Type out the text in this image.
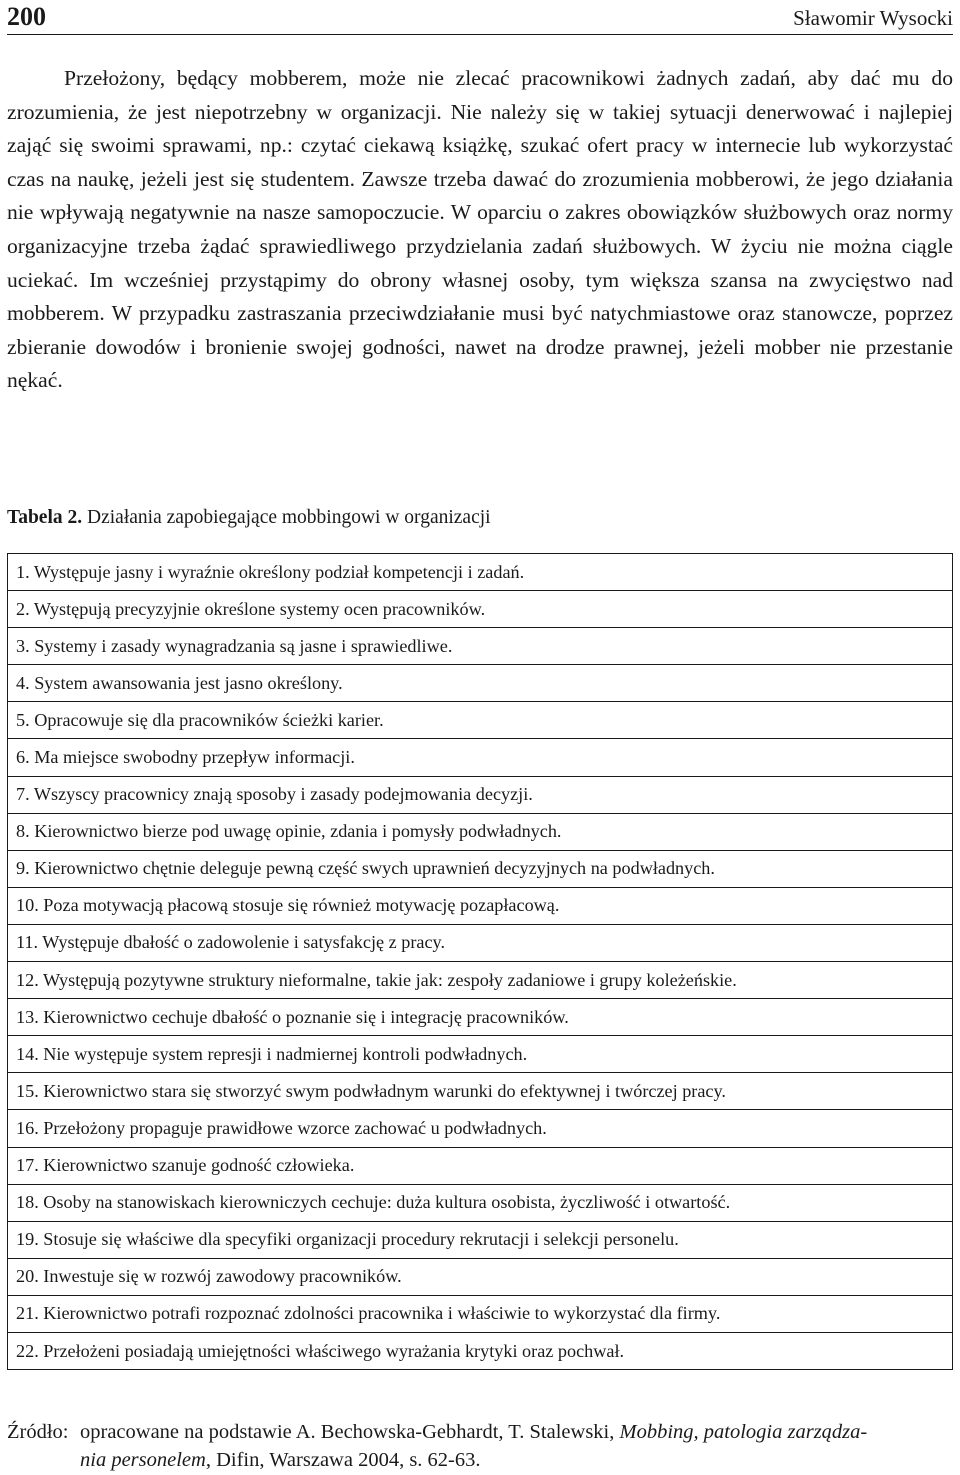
200	Sławomir Wysocki

Przełożony, będący mobberem, może nie zlecać pracownikowi żadnych zadań, aby dać mu do zrozumienia, że jest niepotrzebny w organizacji. Nie należy się w takiej sytuacji denerwować i najlepiej zająć się swoimi sprawami, np.: czytać ciekawą książkę, szukać ofert pracy w internecie lub wykorzystać czas na naukę, jeżeli jest się studentem. Zawsze trzeba dawać do zrozumienia mobberowi, że jego działania nie wpływają negatywnie na nasze samopoczucie. W oparciu o zakres obowiązków służbowych oraz normy organizacyjne trzeba żądać sprawiedliwego przydzielania zadań służbowych. W życiu nie można ciągle uciekać. Im wcześniej przystąpimy do obrony własnej osoby, tym większa szansa na zwycięstwo nad mobberem. W przypadku zastraszania przeciwdziałanie musi być natychmiastowe oraz stanowcze, poprzez zbieranie dowodów i bronienie swojej godności, nawet na drodze prawnej, jeżeli mobber nie przestanie nękać.

Tabela 2. Działania zapobiegające mobbingowi w organizacji

1. Występuje jasny i wyraźnie określony podział kompetencji i zadań.
2. Występują precyzyjnie określone systemy ocen pracowników.
3. Systemy i zasady wynagradzania są jasne i sprawiedliwe.
4. System awansowania jest jasno określony.
5. Opracowuje się dla pracowników ścieżki karier.
6. Ma miejsce swobodny przepływ informacji.
7. Wszyscy pracownicy znają sposoby i zasady podejmowania decyzji.
8. Kierownictwo bierze pod uwagę opinie, zdania i pomysły podwładnych.
9. Kierownictwo chętnie deleguje pewną część swych uprawnień decyzyjnych na podwładnych.
10. Poza motywacją płacową stosuje się również motywację pozapłacową.
11. Występuje dbałość o zadowolenie i satysfakcję z pracy.
12. Występują pozytywne struktury nieformalne, takie jak: zespoły zadaniowe i grupy koleżeńskie.
13. Kierownictwo cechuje dbałość o poznanie się i integrację pracowników.
14. Nie występuje system represji i nadmiernej kontroli podwładnych.
15. Kierownictwo stara się stworzyć swym podwładnym warunki do efektywnej i twórczej pracy.
16. Przełożony propaguje prawidłowe wzorce zachować u podwładnych.
17. Kierownictwo szanuje godność człowieka.
18. Osoby na stanowiskach kierowniczych cechuje: duża kultura osobista, życzliwość i otwartość.
19. Stosuje się właściwe dla specyfiki organizacji procedury rekrutacji i selekcji personelu.
20. Inwestuje się w rozwój zawodowy pracowników.
21. Kierownictwo potrafi rozpoznać zdolności pracownika i właściwie to wykorzystać dla firmy.
22. Przełożeni posiadają umiejętności właściwego wyrażania krytyki oraz pochwał.

Źródło: opracowane na podstawie A. Bechowska-Gebhardt, T. Stalewski, Mobbing, patologia zarządza-
nia personelem, Difin, Warszawa 2004, s. 62-63.
